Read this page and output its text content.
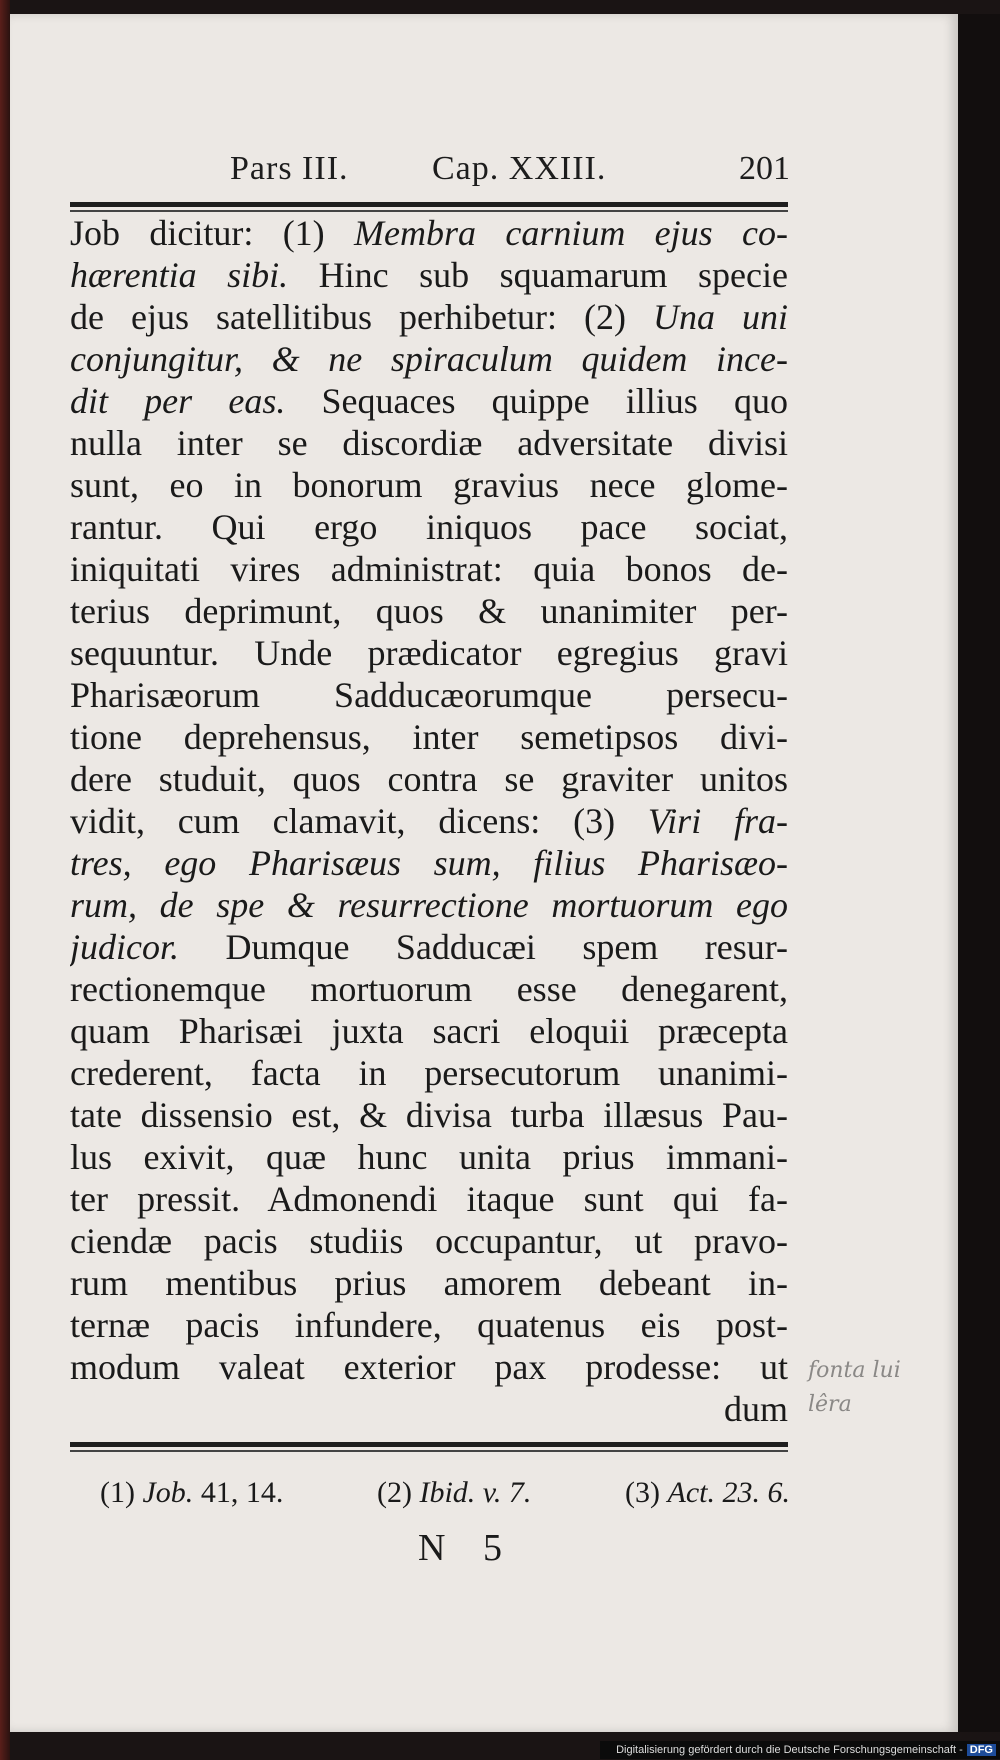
Pars III. Cap. XXIII.	201
Job dicitur: (1) Membra carnium ejus co-
hærentia sibi. Hinc sub squamarum specie
de ejus satellitibus perhibetur: (2) Una uni
conjungitur, & ne spiraculum quidem ince-
dit per eas. Sequaces quippe illius quo
nulla inter se discordiæ adversitate divisi
sunt, eo in bonorum gravius nece glome-
rantur. Qui ergo iniquos pace sociat,
iniquitati vires administrat: quia bonos de-
terius deprimunt, quos & unanimiter per-
sequuntur. Unde prædicator egregius gravi
Pharisæorum Sadducæorumque persecu-
tione deprehensus, inter semetipsos divi-
dere studuit, quos contra se graviter unitos
vidit, cum clamavit, dicens: (3) Viri fra-
tres, ego Pharisæus sum, filius Pharisæo-
rum, de spe & resurrectione mortuorum ego
judicor. Dumque Sadducæi spem resur-
rectionemque mortuorum esse denegarent,
quam Pharisæi juxta sacri eloquii præcepta
crederent, facta in persecutorum unanimi-
tate dissensio est, & divisa turba illæsus Pau-
lus exivit, quæ hunc unita prius immani-
ter pressit. Admonendi itaque sunt qui fa-
ciendæ pacis studiis occupantur, ut pravo-
rum mentibus prius amorem debeant in-
ternæ pacis infundere, quatenus eis post-
modum valeat exterior pax prodesse: ut
dum
(1) Job. 41, 14.	(2) Ibid. v. 7.	(3) Act. 23. 6.
N 5
fonta lui
lêra
Digitalisierung gefördert durch die Deutsche Forschungsgemeinschaft - DFG
